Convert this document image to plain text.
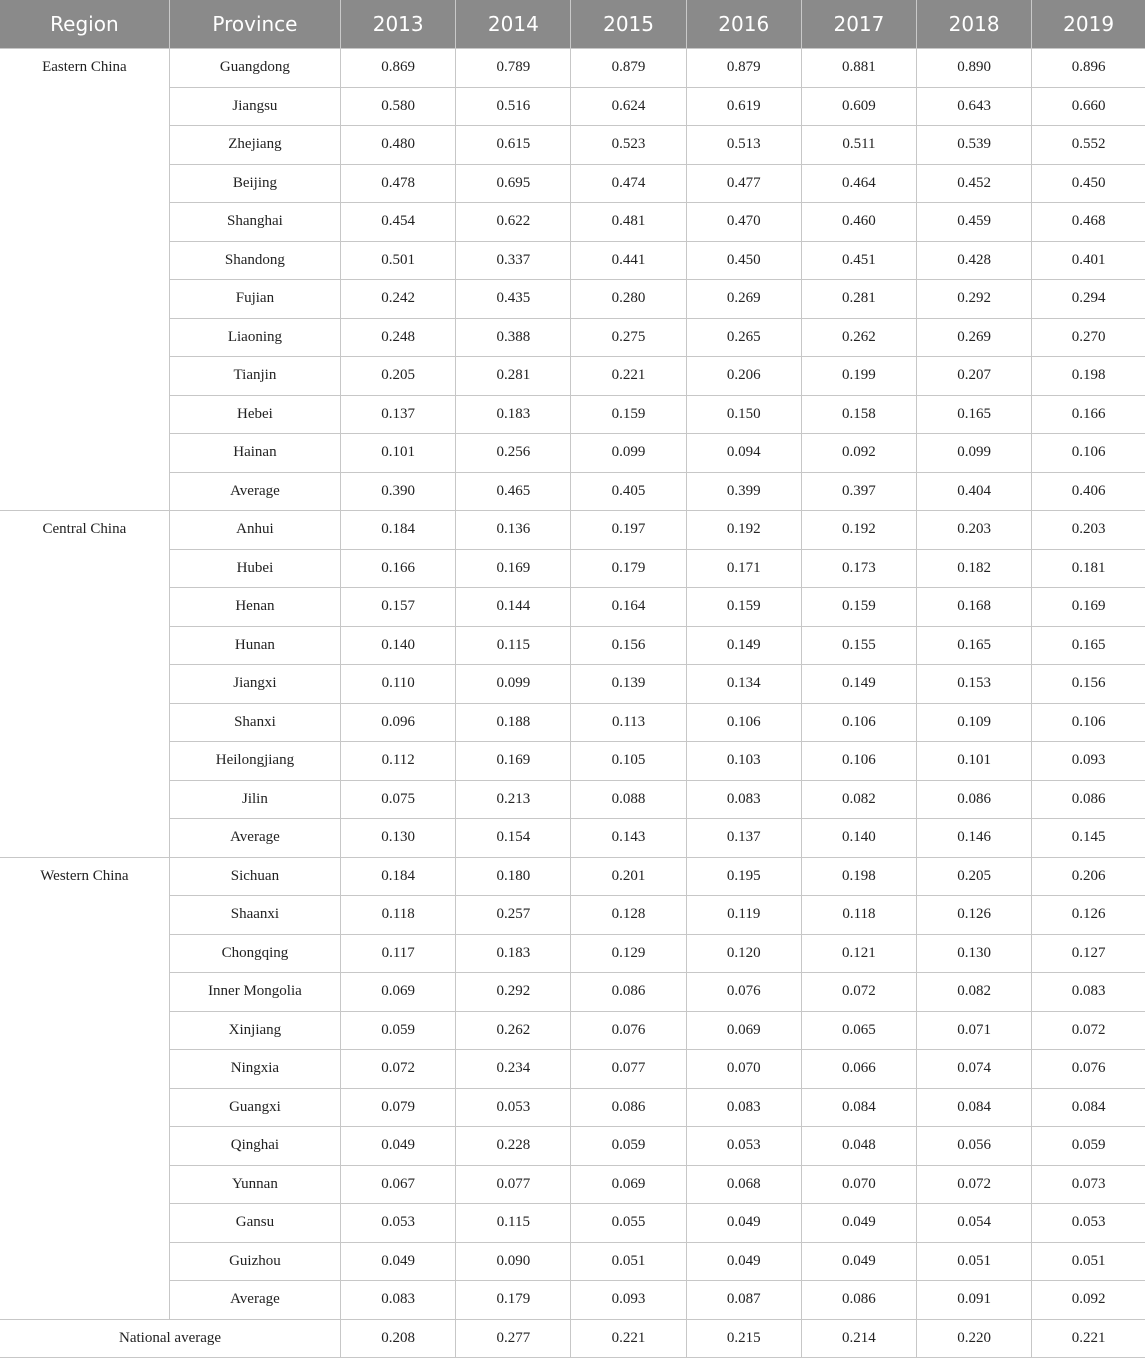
Region	Province	2013	2014	2015	2016	2017	2018	2019
Eastern China	Guangdong	0.869	0.789	0.879	0.879	0.881	0.890	0.896
	Jiangsu	0.580	0.516	0.624	0.619	0.609	0.643	0.660
	Zhejiang	0.480	0.615	0.523	0.513	0.511	0.539	0.552
	Beijing	0.478	0.695	0.474	0.477	0.464	0.452	0.450
	Shanghai	0.454	0.622	0.481	0.470	0.460	0.459	0.468
	Shandong	0.501	0.337	0.441	0.450	0.451	0.428	0.401
	Fujian	0.242	0.435	0.280	0.269	0.281	0.292	0.294
	Liaoning	0.248	0.388	0.275	0.265	0.262	0.269	0.270
	Tianjin	0.205	0.281	0.221	0.206	0.199	0.207	0.198
	Hebei	0.137	0.183	0.159	0.150	0.158	0.165	0.166
	Hainan	0.101	0.256	0.099	0.094	0.092	0.099	0.106
	Average	0.390	0.465	0.405	0.399	0.397	0.404	0.406
Central China	Anhui	0.184	0.136	0.197	0.192	0.192	0.203	0.203
	Hubei	0.166	0.169	0.179	0.171	0.173	0.182	0.181
	Henan	0.157	0.144	0.164	0.159	0.159	0.168	0.169
	Hunan	0.140	0.115	0.156	0.149	0.155	0.165	0.165
	Jiangxi	0.110	0.099	0.139	0.134	0.149	0.153	0.156
	Shanxi	0.096	0.188	0.113	0.106	0.106	0.109	0.106
	Heilongjiang	0.112	0.169	0.105	0.103	0.106	0.101	0.093
	Jilin	0.075	0.213	0.088	0.083	0.082	0.086	0.086
	Average	0.130	0.154	0.143	0.137	0.140	0.146	0.145
Western China	Sichuan	0.184	0.180	0.201	0.195	0.198	0.205	0.206
	Shaanxi	0.118	0.257	0.128	0.119	0.118	0.126	0.126
	Chongqing	0.117	0.183	0.129	0.120	0.121	0.130	0.127
	Inner Mongolia	0.069	0.292	0.086	0.076	0.072	0.082	0.083
	Xinjiang	0.059	0.262	0.076	0.069	0.065	0.071	0.072
	Ningxia	0.072	0.234	0.077	0.070	0.066	0.074	0.076
	Guangxi	0.079	0.053	0.086	0.083	0.084	0.084	0.084
	Qinghai	0.049	0.228	0.059	0.053	0.048	0.056	0.059
	Yunnan	0.067	0.077	0.069	0.068	0.070	0.072	0.073
	Gansu	0.053	0.115	0.055	0.049	0.049	0.054	0.053
	Guizhou	0.049	0.090	0.051	0.049	0.049	0.051	0.051
	Average	0.083	0.179	0.093	0.087	0.086	0.091	0.092
National average		0.208	0.277	0.221	0.215	0.214	0.220	0.221
